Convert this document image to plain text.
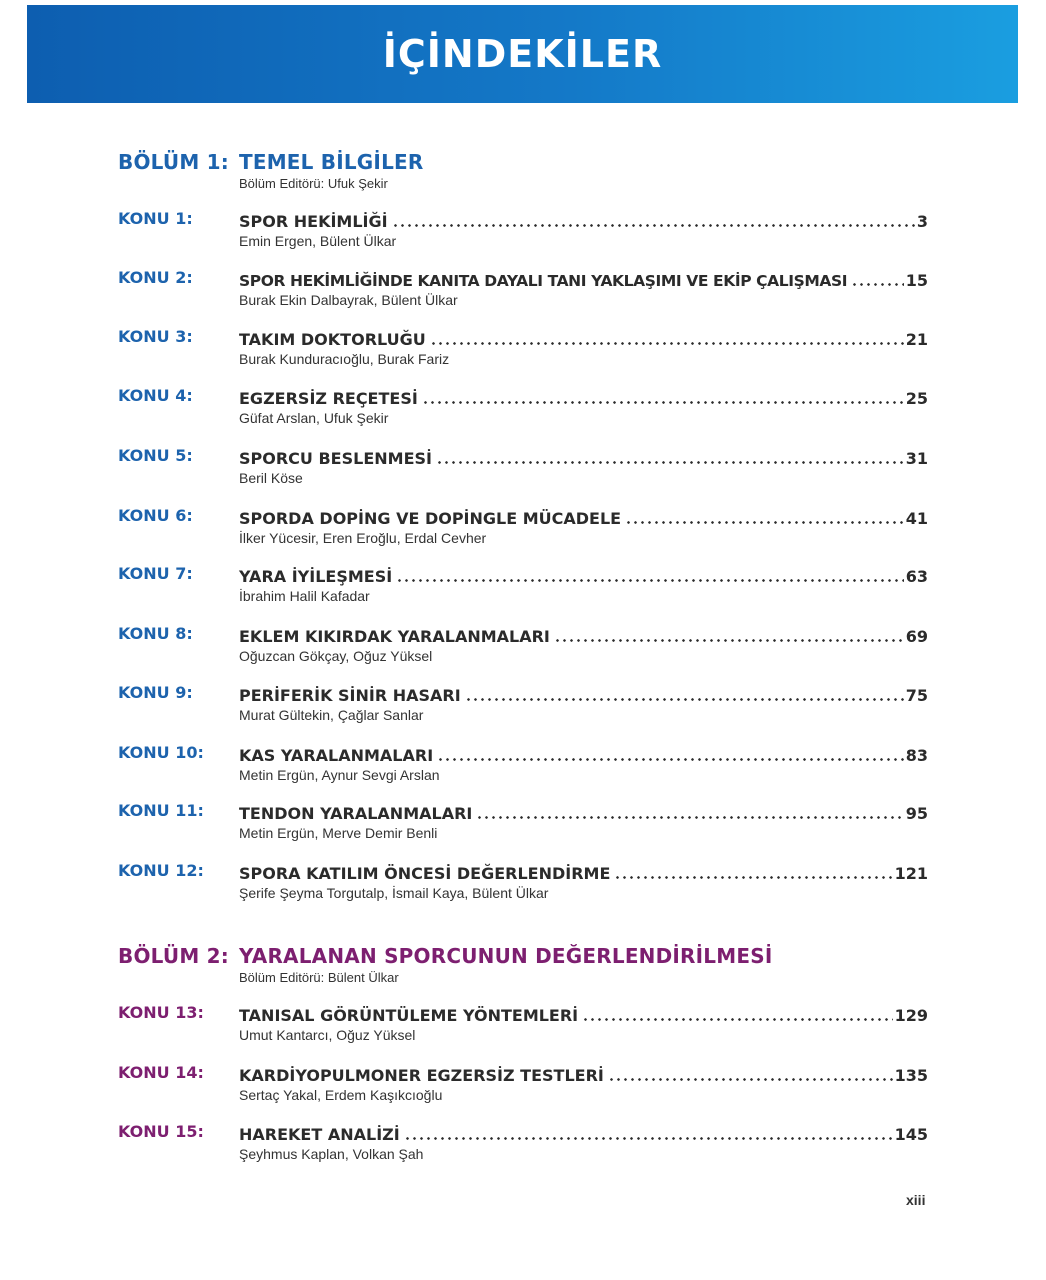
İÇİNDEKİLER
BÖLÜM 1: TEMEL BİLGİLER
Bölüm Editörü: Ufuk Şekir
KONU 1:	SPOR HEKİMLİĞİ	3
Emin Ergen, Bülent Ülkar
KONU 2:	SPOR HEKİMLİĞİNDE KANITA DAYALI TANI YAKLAŞIMI VE EKİP ÇALIŞMASI	15
Burak Ekin Dalbayrak, Bülent Ülkar
KONU 3:	TAKIM DOKTORLUĞU	21
Burak Kunduracıoğlu, Burak Fariz
KONU 4:	EGZERSİZ REÇETESİ	25
Güfat Arslan, Ufuk Şekir
KONU 5:	SPORCU BESLENMESİ	31
Beril Köse
KONU 6:	SPORDA DOPİNG VE DOPİNGLE MÜCADELE	41
İlker Yücesir, Eren Eroğlu, Erdal Cevher
KONU 7:	YARA İYİLEŞMESİ	63
İbrahim Halil Kafadar
KONU 8:	EKLEM KIKIRDAK YARALANMALARI	69
Oğuzcan Gökçay, Oğuz Yüksel
KONU 9:	PERİFERİK SİNİR HASARI	75
Murat Gültekin, Çağlar Sanlar
KONU 10: KAS YARALANMALARI	83
Metin Ergün, Aynur Sevgi Arslan
KONU 11: TENDON YARALANMALARI	95
Metin Ergün, Merve Demir Benli
KONU 12: SPORA KATILIM ÖNCESİ DEĞERLENDİRME	121
Şerife Şeyma Torgutalp, İsmail Kaya, Bülent Ülkar
BÖLÜM 2: YARALANAN SPORCUNUN DEĞERLENDİRİLMESİ
Bölüm Editörü: Bülent Ülkar
KONU 13: TANISAL GÖRÜNTÜLEME YÖNTEMLERİ	129
Umut Kantarcı, Oğuz Yüksel
KONU 14: KARDİYOPULMONER EGZERSİZ TESTLERİ	135
Sertaç Yakal, Erdem Kaşıkcıoğlu
KONU 15: HAREKET ANALİZİ	145
Şeyhmus Kaplan, Volkan Şah
xiii
